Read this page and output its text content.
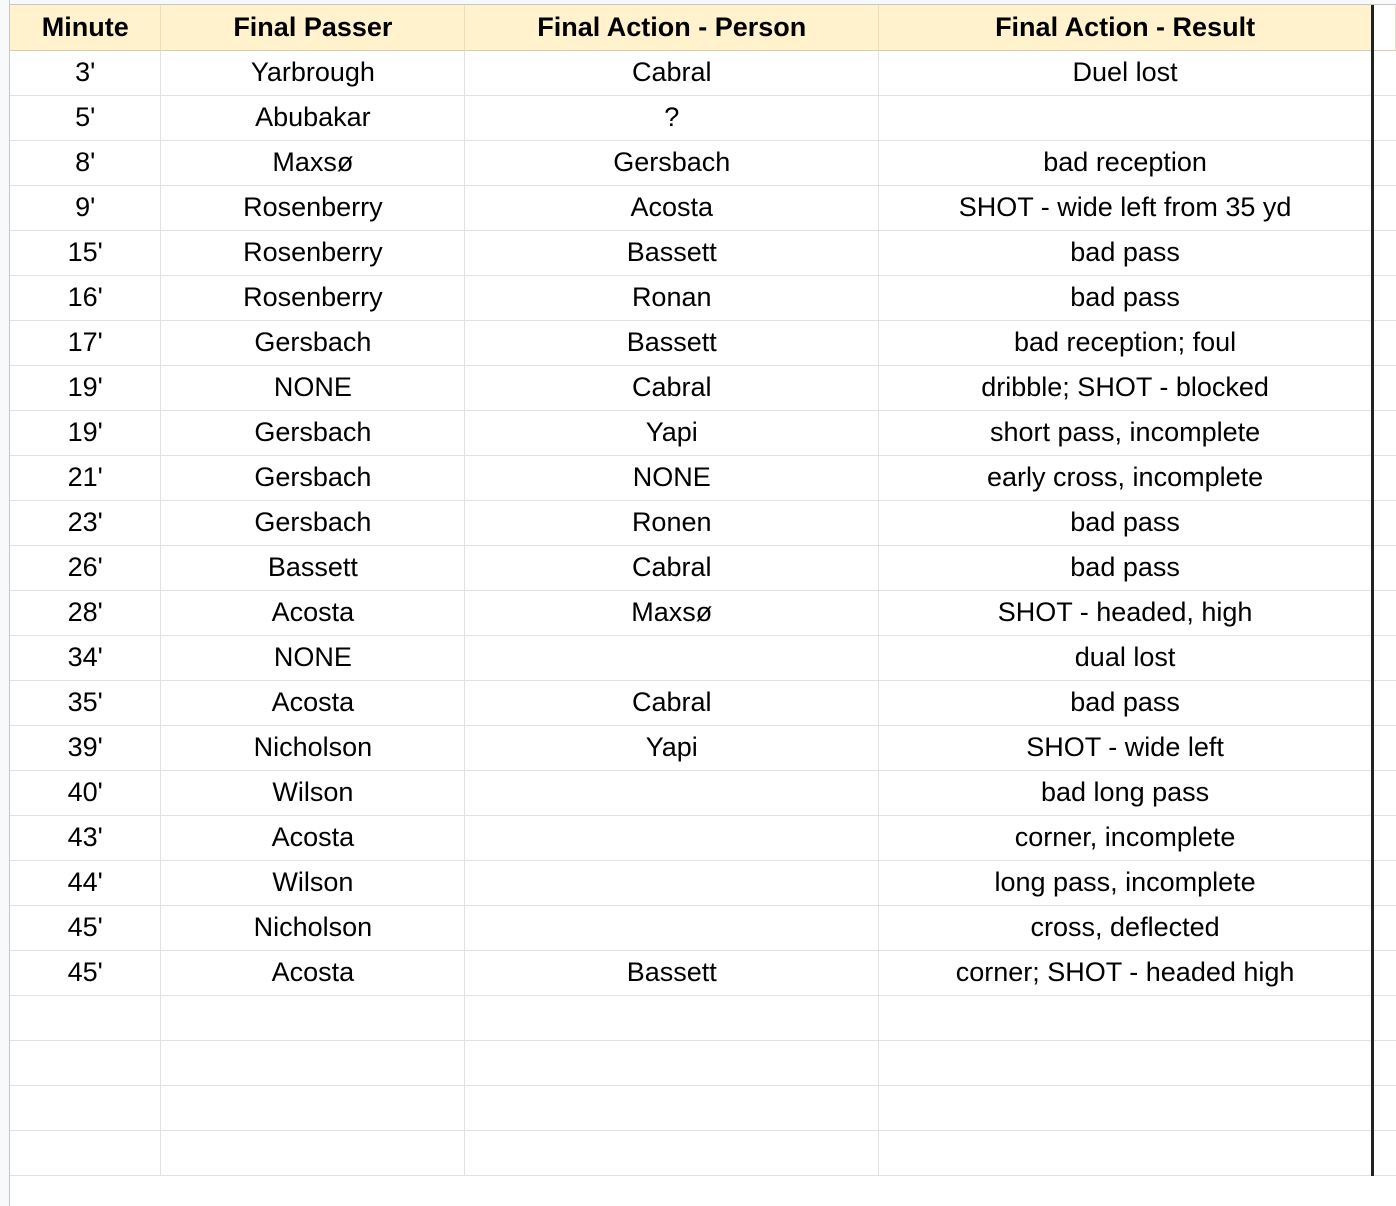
Minute	Final Passer	Final Action - Person	Final Action - Result	
3'	Yarbrough	Cabral	Duel lost	
5'	Abubakar	?		
8'	Maxsø	Gersbach	bad reception	
9'	Rosenberry	Acosta	SHOT - wide left from 35 yd	
15'	Rosenberry	Bassett	bad pass	
16'	Rosenberry	Ronan	bad pass	
17'	Gersbach	Bassett	bad reception; foul	
19'	NONE	Cabral	dribble; SHOT - blocked	
19'	Gersbach	Yapi	short pass, incomplete	
21'	Gersbach	NONE	early cross, incomplete	
23'	Gersbach	Ronen	bad pass	
26'	Bassett	Cabral	bad pass	
28'	Acosta	Maxsø	SHOT - headed, high	
34'	NONE		dual lost	
35'	Acosta	Cabral	bad pass	
39'	Nicholson	Yapi	SHOT - wide left	
40'	Wilson		bad long pass	
43'	Acosta		corner, incomplete	
44'	Wilson		long pass, incomplete	
45'	Nicholson		cross, deflected	
45'	Acosta	Bassett	corner; SHOT - headed high	
